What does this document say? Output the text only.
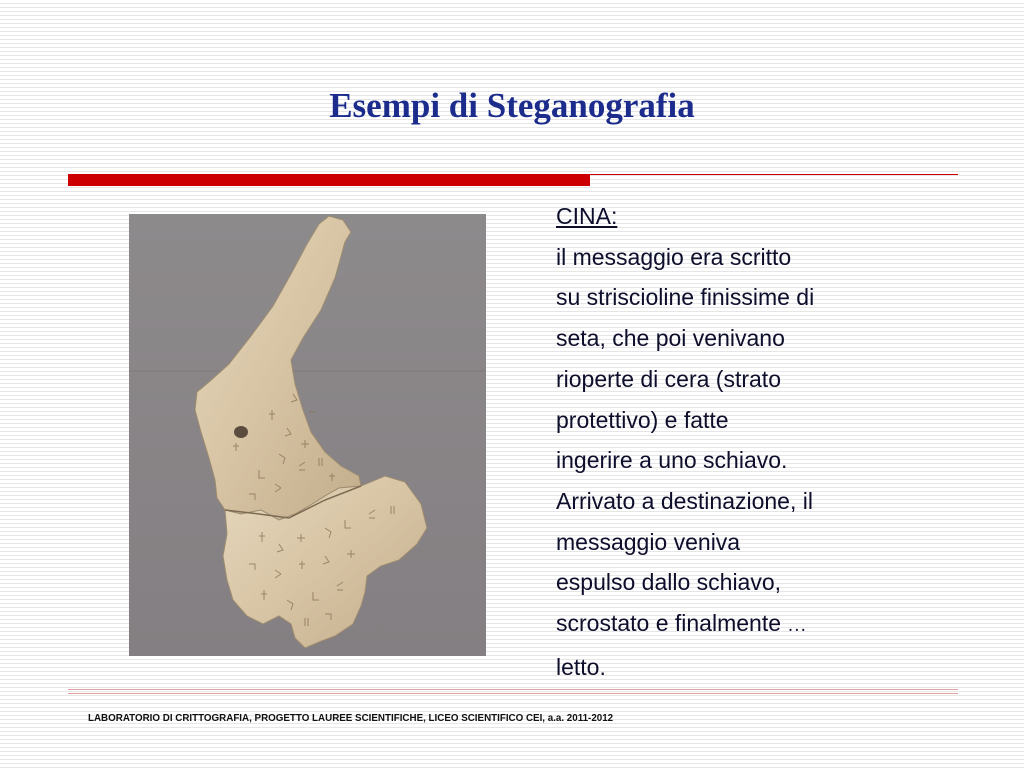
Esempi di Steganografia
CINA:
il messaggio era scritto
su striscioline finissime di
seta, che poi venivano
rioperte di cera (strato
protettivo) e fatte
ingerire a uno schiavo.
Arrivato a destinazione, il
messaggio veniva
espulso dallo schiavo,
scrostato e finalmente …
letto.
LABORATORIO DI CRITTOGRAFIA, PROGETTO LAUREE SCIENTIFICHE, LICEO SCIENTIFICO CEI, a.a. 2011-2012
